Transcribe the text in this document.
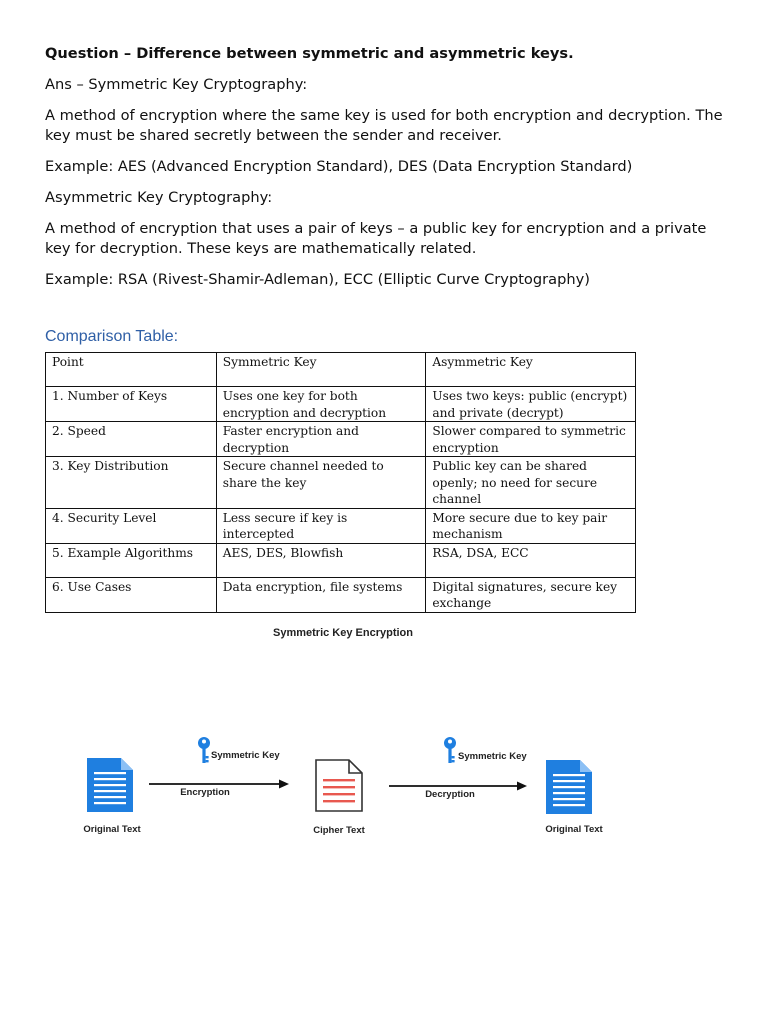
Question – Difference between symmetric and asymmetric keys.

Ans – Symmetric Key Cryptography:

A method of encryption where the same key is used for both encryption and decryption. The key must be shared secretly between the sender and receiver.

Example: AES (Advanced Encryption Standard), DES (Data Encryption Standard)

Asymmetric Key Cryptography:

A method of encryption that uses a pair of keys – a public key for encryption and a private key for decryption. These keys are mathematically related.

Example: RSA (Rivest-Shamir-Adleman), ECC (Elliptic Curve Cryptography)

Comparison Table:
Point	Symmetric Key	Asymmetric Key
1. Number of Keys	Uses one key for both encryption and decryption	Uses two keys: public (encrypt) and private (decrypt)
2. Speed	Faster encryption and decryption	Slower compared to symmetric encryption
3. Key Distribution	Secure channel needed to share the key	Public key can be shared openly; no need for secure channel
4. Security Level	Less secure if key is intercepted	More secure due to key pair mechanism
5. Example Algorithms	AES, DES, Blowfish	RSA, DSA, ECC
6. Use Cases	Data encryption, file systems	Digital signatures, secure key exchange
Symmetric Key Encryption
Original Text
Symmetric Key
Encryption
Cipher Text
Symmetric Key
Decryption
Original Text
